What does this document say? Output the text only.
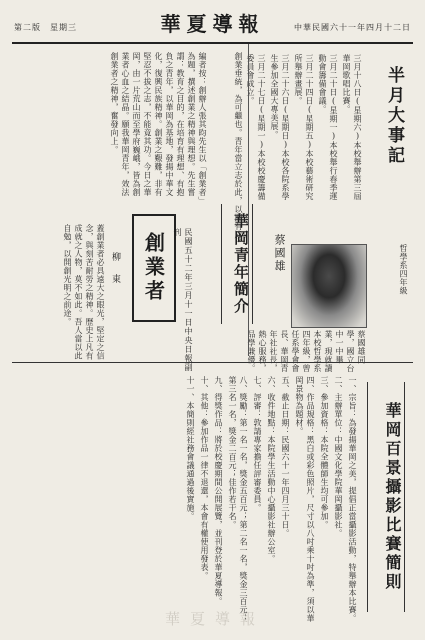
華夏導報
第二版　星期三	中華民國六十一年四月十二日
半月大事記

三月十八日(星期六)本校舉辦第三屆華岡歌唱比賽。

三月二十日(星期一)本校舉行春季運動會籌備會議。

三月二十四日(星期五)本校藝術研究所舉辦畫展。

三月二十六日(星期日)本校各院系學生參加全國大專美展。

三月二十七日(星期一)本校校慶籌備委員會成立。

華岡青年簡介	蔡國雄	哲學系四年級
蔡國雄同學，國立台中一中畢業，現就讀本校哲學系四年級，曾任系學會會長、華岡青年社社長，熱心服務，品學兼優。
編者按：創辦人張其昀先生以「創業者」為題，撰述創業之精神與理想。先生嘗謂：教育之目的，在培育有理想、有抱負之青年，以華岡為基地，發揚中華文化，復興民族精神。創業之艱難，非有堅忍不拔之志，不能竟其功。今日之華岡，由一片荒山而至學府巍峨，皆為創業者心血之結晶。願我華岡青年，效法創業者之精神，奮發向上。
創業者
柳　東	民國五十二年三月十一日中央日報副刊
蓋創業者必具遠大之眼光，堅定之信念，與刻苦耐勞之精神。歷史上凡有成就之人物，莫不如此。吾人當以此自勉，以開創光明之前途。
創業垂統，為可繼也。青年當立志於此，以期有成。
華岡百景攝影比賽簡則

一、宗旨：為發揚華岡之美，提倡正當攝影活動，特舉辦本比賽。

二、主辦單位：中國文化學院華岡攝影社。

三、參加資格：本院全體師生均可參加。

四、作品規格：黑白或彩色照片，尺寸以八吋乘十吋為準，須以華岡景物為題材。

五、截止日期：民國六十一年四月三十日。

六、收件地點：本院學生活動中心攝影社辦公室。

七、評審：敦請專家擔任評審委員。

八、獎勵：第一名一名，獎金五百元；第二名一名，獎金三百元；第三名一名，獎金二百元；佳作若干名。

九、得獎作品：將於校慶期間公開展覽，並刊登於華夏導報。

十、其他：參加作品一律不退還，本會有權使用發表。

十一、本簡則經社務會議通過後實施。

華夏導報
